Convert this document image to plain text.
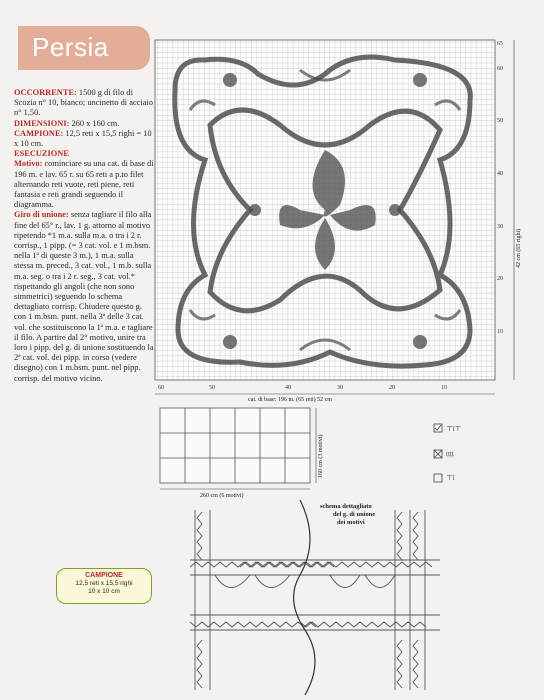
Persia

OCCORRENTE: 1500 g di filo di Scozia n° 10, bianco; uncinetto di acciaio n° 1,50.

DIMENSIONI: 260 x 160 cm.

CAMPIONE: 12,5 reti x 15,5 righi = 10 x 10 cm.

ESECUZIONE
Motivo: cominciare su una cat. di base di 196 m. e lav. 65 r. su 65 reti a p.to filet alternando reti vuote, reti piene, reti fantasia e reti grandi seguendo il diagramma.

Giro di unione: senza tagliare il filo alla fine del 65° r., lav. 1 g. attorno al motivo ripetendo *1 m.a. sulla m.a. o tra i 2 r. corrisp., 1 pipp. (= 3 cat. vol. e 1 m.bsm. nella 1ª di queste 3 m.), 1 m.a. sulla stessa m. preced., 3 cat. vol., 1 m.b. sulla m.a. seg. o tra i 2 r. seg., 3 cat. vol.* rispettando gli angoli (che non sono simmetrici) seguendo lo schema dettagliato corrisp. Chiudere questo g. con 1 m.bsm. punt. nella 3ª delle 3 cat. vol. che sostituiscono la 1ª m.a. e tagliare il filo. A partire dal 2° motivo, unire tra loro i pipp. del g. di unione sostituendo la 2ª cat. vol. dei pipp. in corso (vedere disegno) con 1 m.bsm. punt. nel pipp. corrisp. del motivo vicino.

CAMPIONE
12,5 reti x 15,5 righi
10 x 10 cm
60	50	40	30	20	10
65
60
50
40
30
20
10
cat. di base: 196 m. (65 reti) 52 cm
42 cm (65 righi)
260 cm (6 motivi)
160 cm (3 motivi)
schema dettagliato del g. di unione dei motivi
⊤ǐ⊤
ṭṭṭṭ
⊤ǐ
